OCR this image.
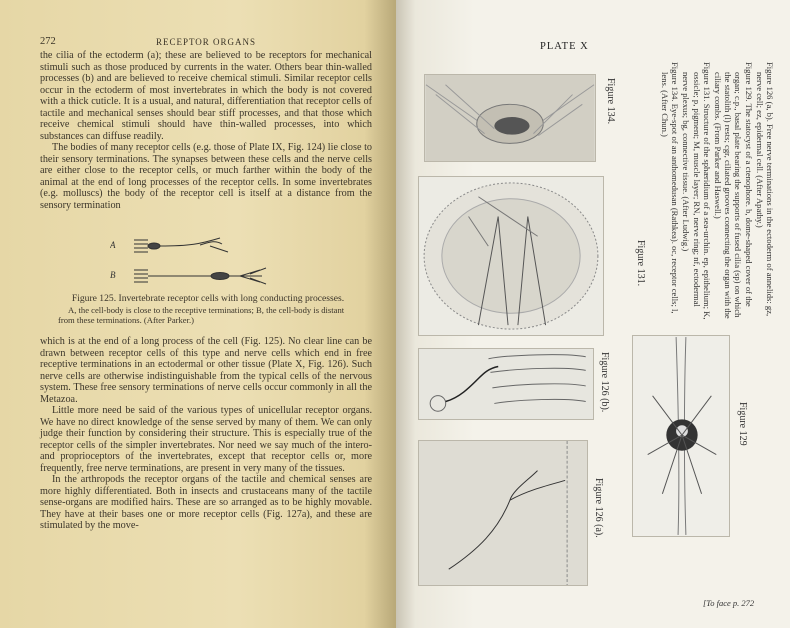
272	RECEPTOR ORGANS

the cilia of the ectoderm (a); these are believed to be receptors for mechanical stimuli such as those produced by currents in the water. Others bear thin-walled processes (b) and are believed to receive chemical stimuli. Similar receptor cells occur in the ectoderm of most invertebrates in which the body is not covered with a thick cuticle. It is a usual, and natural, differentiation that receptor cells of tactile and mechanical senses should bear stiff processes, and that those which receive chemical stimuli should have thin-walled processes, into which substances can diffuse readily.

The bodies of many receptor cells (e.g. those of Plate IX, Fig. 124) lie close to their sensory terminations. The synapses between these cells and the nerve cells are either close to the receptor cells, or much farther within the body of the animal at the end of long processes of the receptor cells. In some invertebrates (e.g. molluscs) the body of the receptor cell is itself at a distance from the sensory termination

A
B
Figure 125. Invertebrate receptor cells with long conducting processes.
A, the cell-body is close to the receptive terminations; B, the cell-body is distant from these terminations. (After Parker.)

which is at the end of a long process of the cell (Fig. 125). No clear line can be drawn between receptor cells of this type and nerve cells which end in free receptive terminations in an ectodermal or other tissue (Plate X, Fig. 126). Such nerve cells are otherwise indistinguishable from the typical cells of the nervous system. These free sensory terminations of nerve cells occur commonly in all the Metazoa.

Little more need be said of the various types of unicellular receptor organs. We have no direct knowledge of the sense served by many of them. We can only judge their function by considering their structure. This is especially true of the receptor cells of the simpler invertebrates. Nor need we say much of the intero- and proprioceptors of the invertebrates, except that receptor cells or, more frequently, free nerve terminations, are present in very many of the tissues.

In the arthropods the receptor organs of the tactile and chemical senses are more highly differentiated. Both in insects and crustaceans many of the tactile sense-organs are modified hairs. These are so arranged as to be highly movable. They have at their bases one or more receptor cells (Fig. 127a), and these are stimulated by the move-

PLATE X
Figure 134.
Figure 131.
Figure 126 (b).
Figure 126 (a).
Figure 129

Figure 126 (a, b). Free nerve terminations in the ectoderm of annelids: gz, nerve cell; ez, epidermal cell. (After Apathy.)

Figure 129. The statocyst of a ctenophore. b, dome-shaped cover of the organ; c.p., basal plate bearing the supports of fused cilia (sp) on which the statolith (l) rests; cgr, ciliated grooves connecting the organ with the ciliary combs. (From Parker and Haswell.)

Figure 131. Structure of the sphæridium of a sea-urchin. ep, epithelium; K, ossicle; p, pigment; M, muscle layer; RN, nerve ring; nf, ectodermal nerve plexus; bg, connective tissue. (After Ludwig.)

Figure 134. Eye-spot of an anthomedusan (Rathkea). oc, receptor cells; l, lens. (After Chun.)

[To face p. 272
